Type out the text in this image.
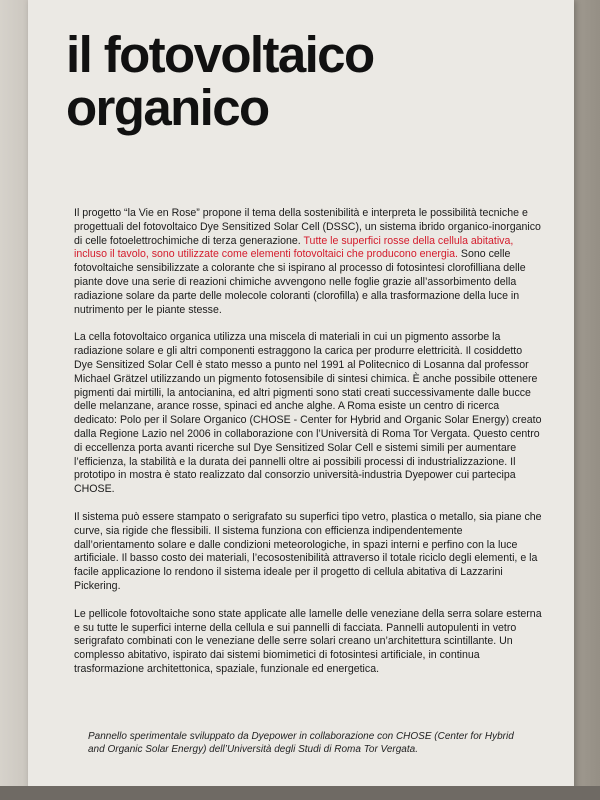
il fotovoltaico
organico

Il progetto “la Vie en Rose” propone il tema della sostenibilità e interpreta le possibilità tecniche e progettuali del fotovoltaico Dye Sensitized Solar Cell (DSSC), un sistema ibrido organico-inorganico di celle fotoelettrochimiche di terza generazione. Tutte le superfici rosse della cellula abitativa, incluso il tavolo, sono utilizzate come elementi fotovoltaici che producono energia. Sono celle fotovoltaiche sensibilizzate a colorante che si ispirano al processo di fotosintesi clorofilliana delle piante dove una serie di reazioni chimiche avvengono nelle foglie grazie all’assorbimento della radiazione solare da parte delle molecole coloranti (clorofilla) e alla trasformazione della luce in nutrimento per le piante stesse.

La cella fotovoltaico organica utilizza una miscela di materiali in cui un pigmento assorbe la radiazione solare e gli altri componenti estraggono la carica per produrre elettricità. Il cosiddetto Dye Sensitized Solar Cell è stato messo a punto nel 1991 al Politecnico di Losanna dal professor Michael Grätzel utilizzando un pigmento fotosensibile di sintesi chimica. È anche possibile ottenere pigmenti dai mirtilli, la antocianina, ed altri pigmenti sono stati creati successivamente dalle bucce delle melanzane, arance rosse, spinaci ed anche alghe. A Roma esiste un centro di ricerca dedicato: Polo per il Solare Organico (CHOSE - Center for Hybrid and Organic Solar Energy) creato dalla Regione Lazio nel 2006 in collaborazione con l’Università di Roma Tor Vergata. Questo centro di eccellenza porta avanti ricerche sul Dye Sensitized Solar Cell e sistemi simili per aumentare l’efficienza, la stabilità e la durata dei pannelli oltre ai possibili processi di industrializzazione. Il prototipo in mostra è stato realizzato dal consorzio università-industria Dyepower cui partecipa CHOSE.

Il sistema può essere stampato o serigrafato su superfici tipo vetro, plastica o metallo, sia piane che curve, sia rigide che flessibili. Il sistema funziona con efficienza indipendentemente dall’orientamento solare e dalle condizioni meteorologiche, in spazi interni e perfino con la luce artificiale. Il basso costo dei materiali, l’ecosostenibilità attraverso il totale riciclo degli elementi, e la facile applicazione lo rendono il sistema ideale per il progetto di cellula abitativa di Lazzarini Pickering.

Le pellicole fotovoltaiche sono state applicate alle lamelle delle veneziane della serra solare esterna e su tutte le superfici interne della cellula e sui pannelli di facciata. Pannelli autopulenti in vetro serigrafato combinati con le veneziane delle serre solari creano un’architettura scintillante. Un complesso abitativo, ispirato dai sistemi biomimetici di fotosintesi artificiale, in continua trasformazione architettonica, spaziale, funzionale ed energetica.

Pannello sperimentale sviluppato da Dyepower in collaborazione con CHOSE (Center for Hybrid and Organic Solar Energy) dell’Università degli Studi di Roma Tor Vergata.
